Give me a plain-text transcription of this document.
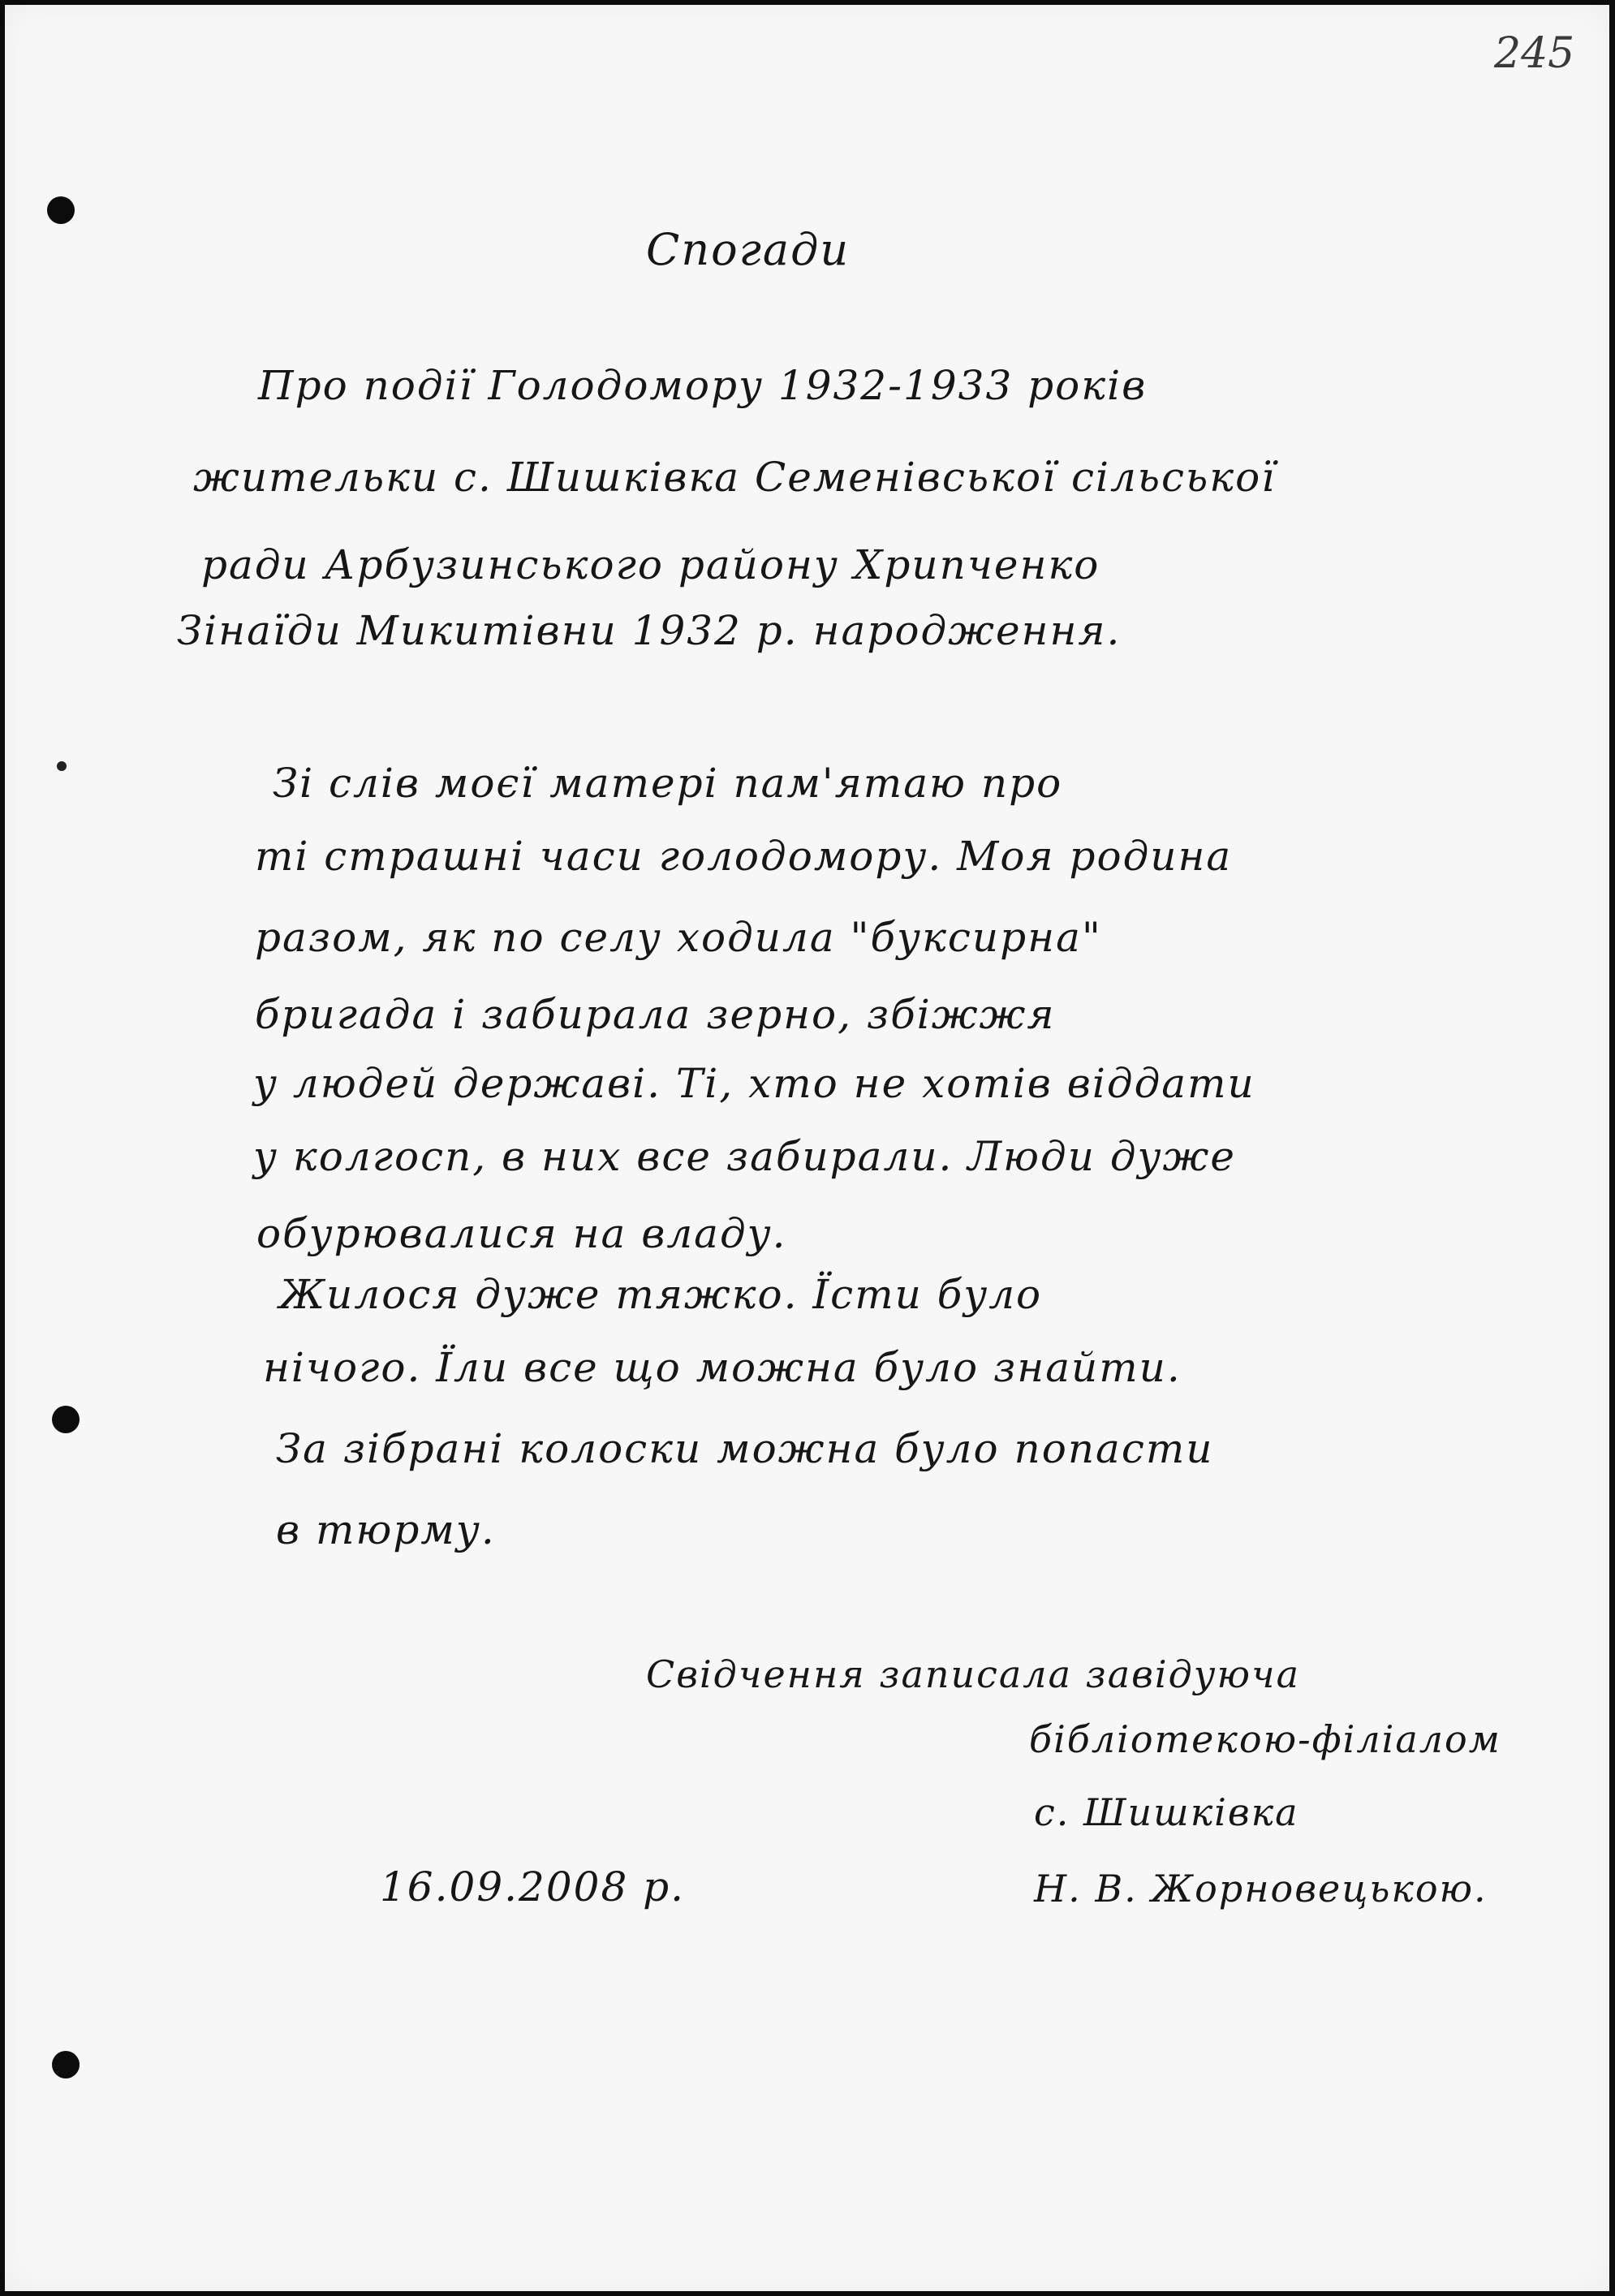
245

Спогади

Про події Голодомору 1932-1933 років

жительки с. Шишківка Семенівської сільської

ради Арбузинського району Хрипченко

Зінаїди Микитівни 1932 р. народження.

Зі слів моєї матері пам'ятаю про

ті страшні часи голодомору. Моя родина

разом, як по селу ходила "буксирна"

бригада і забирала зерно, збіжжя

у людей державі. Ті, хто не хотів віддати

у колгосп, в них все забирали. Люди дуже

обурювалися на владу.

Жилося дуже тяжко. Їсти було

нічого. Їли все що можна було знайти.

За зібрані колоски можна було попасти

в тюрму.

Свідчення записала завідуюча

бібліотекою-філіалом

с. Шишківка

Н. В. Жорновецькою.

16.09.2008 р.
